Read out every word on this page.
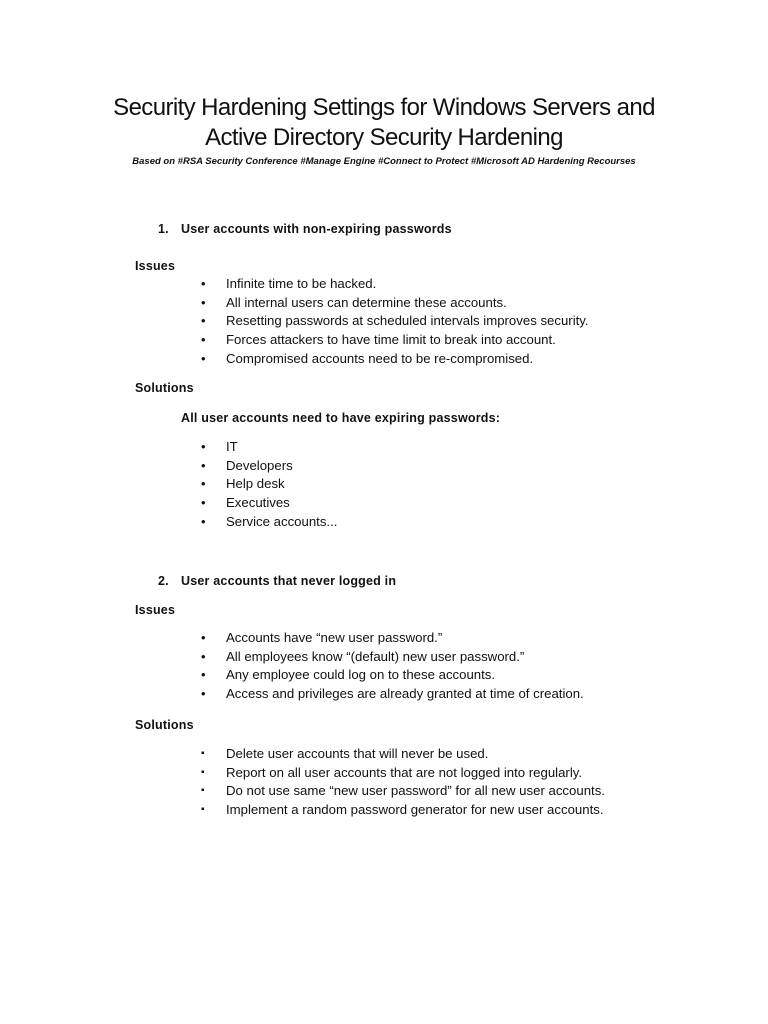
Security Hardening Settings for Windows Servers and
Active Directory Security Hardening
Based on #RSA Security Conference #Manage Engine #Connect to Protect #Microsoft AD Hardening Recourses
1. User accounts with non-expiring passwords
Issues
•	Infinite time to be hacked.
•	All internal users can determine these accounts.
•	Resetting passwords at scheduled intervals improves security.
•	Forces attackers to have time limit to break into account.
•	Compromised accounts need to be re-compromised.
Solutions
All user accounts need to have expiring passwords:
•	IT
•	Developers
•	Help desk
•	Executives
•	Service accounts...
2. User accounts that never logged in
Issues
•	Accounts have “new user password.”
•	All employees know “(default) new user password.”
•	Any employee could log on to these accounts.
•	Access and privileges are already granted at time of creation.
Solutions
▪	Delete user accounts that will never be used.
▪	Report on all user accounts that are not logged into regularly.
▪	Do not use same “new user password” for all new user accounts.
▪	Implement a random password generator for new user accounts.
